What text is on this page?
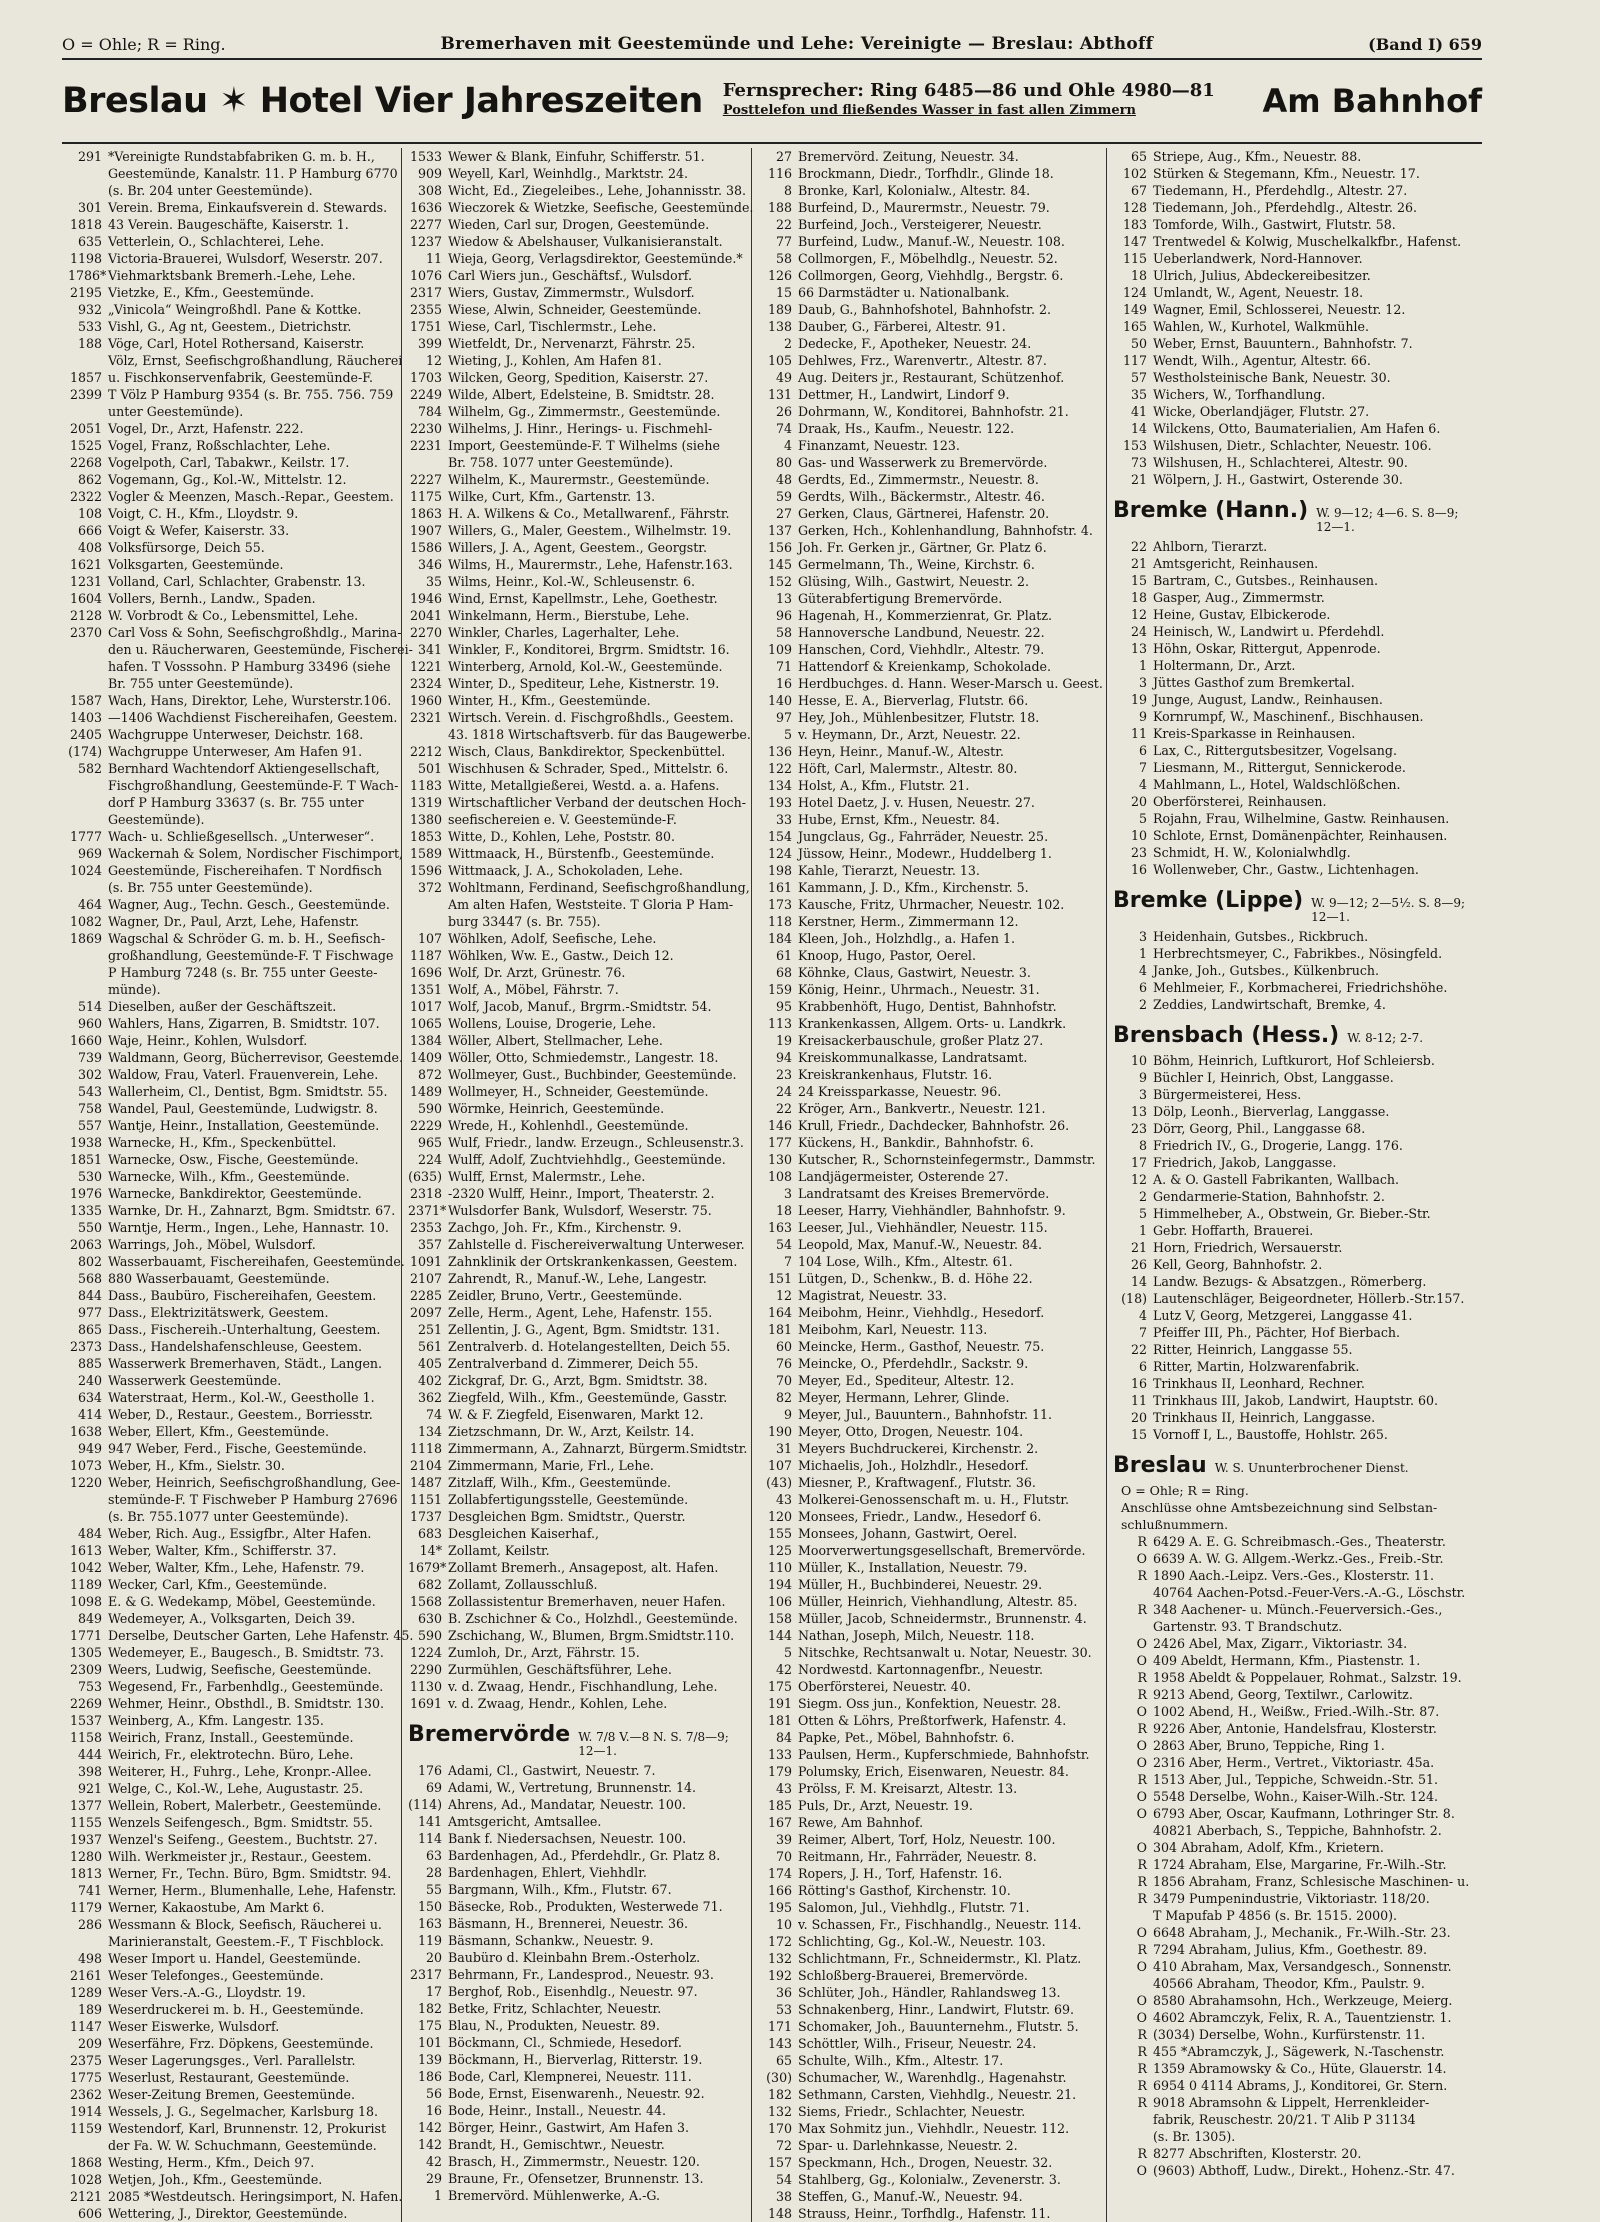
O = Ohle; R = Ring.	Bremerhaven mit Geestemünde und Lehe: Vereinigte — Breslau: Abthoff	(Band I) 659
Breslau ✶ Hotel Vier Jahreszeiten Fernsprecher: Ring 6485—86 und Ohle 4980—81
Posttelefon und fließendes Wasser in fast allen Zimmern	Am Bahnhof
291 *Vereinigte Rundstabfabriken G. m. b. H.,
Geestemünde, Kanalstr. 11. P Hamburg 6770
(s. Br. 204 unter Geestemünde).
301 Verein. Brema, Einkaufsverein d. Stewards.
1818 43 Verein. Baugeschäfte, Kaiserstr. 1.
635 Vetterlein, O., Schlachterei, Lehe.
1198 Victoria-Brauerei, Wulsdorf, Weserstr. 207.
1786* Viehmarktsbank Bremerh.-Lehe, Lehe.
2195 Vietzke, E., Kfm., Geestemünde.
932 „Vinicola“ Weingroßhdl. Pane & Kottke.
533 Vishl, G., Ag nt, Geestem., Dietrichstr.
188 Vöge, Carl, Hotel Rothersand, Kaiserstr.
Völz, Ernst, Seefischgroßhandlung, Räucherei
1857 u. Fischkonservenfabrik, Geestemünde-F.
2399 T Völz P Hamburg 9354 (s. Br. 755. 756. 759
unter Geestemünde).
2051 Vogel, Dr., Arzt, Hafenstr. 222.
1525 Vogel, Franz, Roßschlachter, Lehe.
2268 Vogelpoth, Carl, Tabakwr., Keilstr. 17.
862 Vogemann, Gg., Kol.-W., Mittelstr. 12.
2322 Vogler & Meenzen, Masch.-Repar., Geestem.
108 Voigt, C. H., Kfm., Lloydstr. 9.
666 Voigt & Wefer, Kaiserstr. 33.
408 Volksfürsorge, Deich 55.
1621 Volksgarten, Geestemünde.
1231 Volland, Carl, Schlachter, Grabenstr. 13.
1604 Vollers, Bernh., Landw., Spaden.
2128 W. Vorbrodt & Co., Lebensmittel, Lehe.
2370 Carl Voss & Sohn, Seefischgroßhdlg., Marina-
den u. Räucherwaren, Geestemünde, Fischerei-
hafen. T Vosssohn. P Hamburg 33496 (siehe
Br. 755 unter Geestemünde).
1587 Wach, Hans, Direktor, Lehe, Wursterstr.106.
1403 —1406 Wachdienst Fischereihafen, Geestem.
2405 Wachgruppe Unterweser, Deichstr. 168.
(174) Wachgruppe Unterweser, Am Hafen 91.
582 Bernhard Wachtendorf Aktiengesellschaft,
Fischgroßhandlung, Geestemünde-F. T Wach-
dorf P Hamburg 33637 (s. Br. 755 unter
Geestemünde).
1777 Wach- u. Schließgesellsch. „Unterweser“.
969 Wackernah & Solem, Nordischer Fischimport,
1024 Geestemünde, Fischereihafen. T Nordfisch
(s. Br. 755 unter Geestemünde).
464 Wagner, Aug., Techn. Gesch., Geestemünde.
1082 Wagner, Dr., Paul, Arzt, Lehe, Hafenstr.
1869 Wagschal & Schröder G. m. b. H., Seefisch-
großhandlung, Geestemünde-F. T Fischwage
P Hamburg 7248 (s. Br. 755 unter Geeste-
münde).
514 Dieselben, außer der Geschäftszeit.
960 Wahlers, Hans, Zigarren, B. Smidtstr. 107.
1660 Waje, Heinr., Kohlen, Wulsdorf.
739 Waldmann, Georg, Bücherrevisor, Geestemde.
302 Waldow, Frau, Vaterl. Frauenverein, Lehe.
543 Wallerheim, Cl., Dentist, Bgm. Smidtstr. 55.
758 Wandel, Paul, Geestemünde, Ludwigstr. 8.
557 Wantje, Heinr., Installation, Geestemünde.
1938 Warnecke, H., Kfm., Speckenbüttel.
1851 Warnecke, Osw., Fische, Geestemünde.
530 Warnecke, Wilh., Kfm., Geestemünde.
1976 Warnecke, Bankdirektor, Geestemünde.
1335 Warnke, Dr. H., Zahnarzt, Bgm. Smidtstr. 67.
550 Warntje, Herm., Ingen., Lehe, Hannastr. 10.
2063 Warrings, Joh., Möbel, Wulsdorf.
802 Wasserbauamt, Fischereihafen, Geestemünde.
568 880 Wasserbauamt, Geestemünde.
844 Dass., Baubüro, Fischereihafen, Geestem.
977 Dass., Elektrizitätswerk, Geestem.
865 Dass., Fischereih.-Unterhaltung, Geestem.
2373 Dass., Handelshafenschleuse, Geestem.
885 Wasserwerk Bremerhaven, Städt., Langen.
240 Wasserwerk Geestemünde.
634 Waterstraat, Herm., Kol.-W., Geestholle 1.
414 Weber, D., Restaur., Geestem., Borriesstr.
1638 Weber, Ellert, Kfm., Geestemünde.
949 947 Weber, Ferd., Fische, Geestemünde.
1073 Weber, H., Kfm., Sielstr. 30.
1220 Weber, Heinrich, Seefischgroßhandlung, Gee-
stemünde-F. T Fischweber P Hamburg 27696
(s. Br. 755.1077 unter Geestemünde).
484 Weber, Rich. Aug., Essigfbr., Alter Hafen.
1613 Weber, Walter, Kfm., Schifferstr. 37.
1042 Weber, Walter, Kfm., Lehe, Hafenstr. 79.
1189 Wecker, Carl, Kfm., Geestemünde.
1098 E. & G. Wedekamp, Möbel, Geestemünde.
849 Wedemeyer, A., Volksgarten, Deich 39.
1771 Derselbe, Deutscher Garten, Lehe Hafenstr. 45.
1305 Wedemeyer, E., Baugesch., B. Smidtstr. 73.
2309 Weers, Ludwig, Seefische, Geestemünde.
753 Wegesend, Fr., Farbenhdlg., Geestemünde.
2269 Wehmer, Heinr., Obsthdl., B. Smidtstr. 130.
1537 Weinberg, A., Kfm. Langestr. 135.
1158 Weirich, Franz, Install., Geestemünde.
444 Weirich, Fr., elektrotechn. Büro, Lehe.
398 Weiterer, H., Fuhrg., Lehe, Kronpr.-Allee.
921 Welge, C., Kol.-W., Lehe, Augustastr. 25.
1377 Wellein, Robert, Malerbetr., Geestemünde.
1155 Wenzels Seifengesch., Bgm. Smidtstr. 55.
1937 Wenzel's Seifeng., Geestem., Buchtstr. 27.
1280 Wilh. Werkmeister jr., Restaur., Geestem.
1813 Werner, Fr., Techn. Büro, Bgm. Smidtstr. 94.
741 Werner, Herm., Blumenhalle, Lehe, Hafenstr.
1179 Werner, Kakaostube, Am Markt 6.
286 Wessmann & Block, Seefisch, Räucherei u.
Marinieranstalt, Geestem.-F., T Fischblock.
498 Weser Import u. Handel, Geestemünde.
2161 Weser Telefonges., Geestemünde.
1289 Weser Vers.-A.-G., Lloydstr. 19.
189 Weserdruckerei m. b. H., Geestemünde.
1147 Weser Eiswerke, Wulsdorf.
209 Weserfähre, Frz. Döpkens, Geestemünde.
2375 Weser Lagerungsges., Verl. Parallelstr.
1775 Weserlust, Restaurant, Geestemünde.
2362 Weser-Zeitung Bremen, Geestemünde.
1914 Wessels, J. G., Segelmacher, Karlsburg 18.
1159 Westendorf, Karl, Brunnenstr. 12, Prokurist
der Fa. W. W. Schuchmann, Geestemünde.
1868 Westing, Herm., Kfm., Deich 97.
1028 Wetjen, Joh., Kfm., Geestemünde.
2121 2085 *Westdeutsch. Heringsimport, N. Hafen.
606 Wettering, J., Direktor, Geestemünde.
1533 Wewer & Blank, Einfuhr, Schifferstr. 51.
909 Weyell, Karl, Weinhdlg., Marktstr. 24.
308 Wicht, Ed., Ziegeleibes., Lehe, Johannisstr. 38.
1636 Wieczorek & Wietzke, Seefische, Geestemünde.
2277 Wieden, Carl sur, Drogen, Geestemünde.
1237 Wiedow & Abelshauser, Vulkanisieranstalt.
11 Wieja, Georg, Verlagsdirektor, Geestemünde.*
1076 Carl Wiers jun., Geschäftsf., Wulsdorf.
2317 Wiers, Gustav, Zimmermstr., Wulsdorf.
2355 Wiese, Alwin, Schneider, Geestemünde.
1751 Wiese, Carl, Tischlermstr., Lehe.
399 Wietfeldt, Dr., Nervenarzt, Fährstr. 25.
12 Wieting, J., Kohlen, Am Hafen 81.
1703 Wilcken, Georg, Spedition, Kaiserstr. 27.
2249 Wilde, Albert, Edelsteine, B. Smidtstr. 28.
784 Wilhelm, Gg., Zimmermstr., Geestemünde.
2230 Wilhelms, J. Hinr., Herings- u. Fischmehl-
2231 Import, Geestemünde-F. T Wilhelms (siehe
Br. 758. 1077 unter Geestemünde).
2227 Wilhelm, K., Maurermstr., Geestemünde.
1175 Wilke, Curt, Kfm., Gartenstr. 13.
1863 H. A. Wilkens & Co., Metallwarenf., Fährstr.
1907 Willers, G., Maler, Geestem., Wilhelmstr. 19.
1586 Willers, J. A., Agent, Geestem., Georgstr.
346 Wilms, H., Maurermstr., Lehe, Hafenstr.163.
35 Wilms, Heinr., Kol.-W., Schleusenstr. 6.
1946 Wind, Ernst, Kapellmstr., Lehe, Goethestr.
2041 Winkelmann, Herm., Bierstube, Lehe.
2270 Winkler, Charles, Lagerhalter, Lehe.
341 Winkler, F., Konditorei, Brgrm. Smidtstr. 16.
1221 Winterberg, Arnold, Kol.-W., Geestemünde.
2324 Winter, D., Spediteur, Lehe, Kistnerstr. 19.
1960 Winter, H., Kfm., Geestemünde.
2321 Wirtsch. Verein. d. Fischgroßhdls., Geestem.
43. 1818 Wirtschaftsverb. für das Baugewerbe.
2212 Wisch, Claus, Bankdirektor, Speckenbüttel.
501 Wischhusen & Schrader, Sped., Mittelstr. 6.
1183 Witte, Metallgießerei, Westd. a. a. Hafens.
1319 Wirtschaftlicher Verband der deutschen Hoch-
1380 seefischereien e. V. Geestemünde-F.
1853 Witte, D., Kohlen, Lehe, Poststr. 80.
1589 Wittmaack, H., Bürstenfb., Geestemünde.
1596 Wittmaack, J. A., Schokoladen, Lehe.
372 Wohltmann, Ferdinand, Seefischgroßhandlung,
Am alten Hafen, Weststeite. T Gloria P Ham-
burg 33447 (s. Br. 755).
107 Wöhlken, Adolf, Seefische, Lehe.
1187 Wöhlken, Ww. E., Gastw., Deich 12.
1696 Wolf, Dr. Arzt, Grünestr. 76.
1351 Wolf, A., Möbel, Fährstr. 7.
1017 Wolf, Jacob, Manuf., Brgrm.-Smidtstr. 54.
1065 Wollens, Louise, Drogerie, Lehe.
1384 Wöller, Albert, Stellmacher, Lehe.
1409 Wöller, Otto, Schmiedemstr., Langestr. 18.
872 Wollmeyer, Gust., Buchbinder, Geestemünde.
1489 Wollmeyer, H., Schneider, Geestemünde.
590 Wörmke, Heinrich, Geestemünde.
2229 Wrede, H., Kohlenhdl., Geestemünde.
965 Wulf, Friedr., landw. Erzeugn., Schleusenstr.3.
224 Wulff, Adolf, Zuchtviehhdlg., Geestemünde.
(635) Wulff, Ernst, Malermstr., Lehe.
2318 -2320 Wulff, Heinr., Import, Theaterstr. 2.
2371* Wulsdorfer Bank, Wulsdorf, Weserstr. 75.
2353 Zachgo, Joh. Fr., Kfm., Kirchenstr. 9.
357 Zahlstelle d. Fischereiverwaltung Unterweser.
1091 Zahnklinik der Ortskrankenkassen, Geestem.
2107 Zahrendt, R., Manuf.-W., Lehe, Langestr.
2285 Zeidler, Bruno, Vertr., Geestemünde.
2097 Zelle, Herm., Agent, Lehe, Hafenstr. 155.
251 Zellentin, J. G., Agent, Bgm. Smidtstr. 131.
561 Zentralverb. d. Hotelangestellten, Deich 55.
405 Zentralverband d. Zimmerer, Deich 55.
402 Zickgraf, Dr. G., Arzt, Bgm. Smidtstr. 38.
362 Ziegfeld, Wilh., Kfm., Geestemünde, Gasstr.
74 W. & F. Ziegfeld, Eisenwaren, Markt 12.
134 Zietzschmann, Dr. W., Arzt, Keilstr. 14.
1118 Zimmermann, A., Zahnarzt, Bürgerm.Smidtstr.
2104 Zimmermann, Marie, Frl., Lehe.
1487 Zitzlaff, Wilh., Kfm., Geestemünde.
1151 Zollabfertigungsstelle, Geestemünde.
1737 Desgleichen Bgm. Smidtstr., Querstr.
683 Desgleichen Kaiserhaf.,
14* Zollamt, Keilstr.
1679* Zollamt Bremerh., Ansagepost, alt. Hafen.
682 Zollamt, Zollausschluß.
1568 Zollassistentur Bremerhaven, neuer Hafen.
630 B. Zschichner & Co., Holzhdl., Geestemünde.
590 Zschichang, W., Blumen, Brgm.Smidtstr.110.
1224 Zumloh, Dr., Arzt, Fährstr. 15.
2290 Zurmühlen, Geschäftsführer, Lehe.
1130 v. d. Zwaag, Hendr., Fischhandlung, Lehe.
1691 v. d. Zwaag, Hendr., Kohlen, Lehe.
Bremervörde W. 7/8 V.—8 N. S. 7/8—9; 12—1.
176 Adami, Cl., Gastwirt, Neuestr. 7.
69 Adami, W., Vertretung, Brunnenstr. 14.
(114) Ahrens, Ad., Mandatar, Neuestr. 100.
141 Amtsgericht, Amtsallee.
114 Bank f. Niedersachsen, Neuestr. 100.
63 Bardenhagen, Ad., Pferdehdlr., Gr. Platz 8.
28 Bardenhagen, Ehlert, Viehhdlr.
55 Bargmann, Wilh., Kfm., Flutstr. 67.
150 Bäsecke, Rob., Produkten, Westerwede 71.
163 Bäsmann, H., Brennerei, Neuestr. 36.
119 Bäsmann, Schankw., Neuestr. 9.
20 Baubüro d. Kleinbahn Brem.-Osterholz.
2317 Behrmann, Fr., Landesprod., Neuestr. 93.
17 Berghof, Rob., Eisenhdlg., Neuestr. 97.
182 Betke, Fritz, Schlachter, Neuestr.
175 Blau, N., Produkten, Neuestr. 89.
101 Böckmann, Cl., Schmiede, Hesedorf.
139 Böckmann, H., Bierverlag, Ritterstr. 19.
186 Bode, Carl, Klempnerei, Neuestr. 111.
56 Bode, Ernst, Eisenwarenh., Neuestr. 92.
16 Bode, Heinr., Install., Neuestr. 44.
142 Börger, Heinr., Gastwirt, Am Hafen 3.
142 Brandt, H., Gemischtwr., Neuestr.
42 Brasch, H., Zimmermstr., Neuestr. 120.
29 Braune, Fr., Ofensetzer, Brunnenstr. 13.
1 Bremervörd. Mühlenwerke, A.-G.
27 Bremervörd. Zeitung, Neuestr. 34.
116 Brockmann, Diedr., Torfhdlr., Glinde 18.
8 Bronke, Karl, Kolonialw., Altestr. 84.
188 Burfeind, D., Maurermstr., Neuestr. 79.
22 Burfeind, Joch., Versteigerer, Neuestr.
77 Burfeind, Ludw., Manuf.-W., Neuestr. 108.
58 Collmorgen, F., Möbelhdlg., Neuestr. 52.
126 Collmorgen, Georg, Viehhdlg., Bergstr. 6.
15 66 Darmstädter u. Nationalbank.
189 Daub, G., Bahnhofshotel, Bahnhofstr. 2.
138 Dauber, G., Färberei, Altestr. 91.
2 Dedecke, F., Apotheker, Neuestr. 24.
105 Dehlwes, Frz., Warenvertr., Altestr. 87.
49 Aug. Deiters jr., Restaurant, Schützenhof.
131 Dettmer, H., Landwirt, Lindorf 9.
26 Dohrmann, W., Konditorei, Bahnhofstr. 21.
74 Draak, Hs., Kaufm., Neuestr. 122.
4 Finanzamt, Neuestr. 123.
80 Gas- und Wasserwerk zu Bremervörde.
48 Gerdts, Ed., Zimmermstr., Neuestr. 8.
59 Gerdts, Wilh., Bäckermstr., Altestr. 46.
27 Gerken, Claus, Gärtnerei, Hafenstr. 20.
137 Gerken, Hch., Kohlenhandlung, Bahnhofstr. 4.
156 Joh. Fr. Gerken jr., Gärtner, Gr. Platz 6.
145 Germelmann, Th., Weine, Kirchstr. 6.
152 Glüsing, Wilh., Gastwirt, Neuestr. 2.
13 Güterabfertigung Bremervörde.
96 Hagenah, H., Kommerzienrat, Gr. Platz.
58 Hannoversche Landbund, Neuestr. 22.
109 Hanschen, Cord, Viehhdlr., Altestr. 79.
71 Hattendorf & Kreienkamp, Schokolade.
16 Herdbuchges. d. Hann. Weser-Marsch u. Geest.
140 Hesse, E. A., Bierverlag, Flutstr. 66.
97 Hey, Joh., Mühlenbesitzer, Flutstr. 18.
5 v. Heymann, Dr., Arzt, Neuestr. 22.
136 Heyn, Heinr., Manuf.-W., Altestr.
122 Höft, Carl, Malermstr., Altestr. 80.
134 Holst, A., Kfm., Flutstr. 21.
193 Hotel Daetz, J. v. Husen, Neuestr. 27.
33 Hube, Ernst, Kfm., Neuestr. 84.
154 Jungclaus, Gg., Fahrräder, Neuestr. 25.
124 Jüssow, Heinr., Modewr., Huddelberg 1.
198 Kahle, Tierarzt, Neuestr. 13.
161 Kammann, J. D., Kfm., Kirchenstr. 5.
173 Kausche, Fritz, Uhrmacher, Neuestr. 102.
118 Kerstner, Herm., Zimmermann 12.
184 Kleen, Joh., Holzhdlg., a. Hafen 1.
61 Knoop, Hugo, Pastor, Oerel.
68 Köhnke, Claus, Gastwirt, Neuestr. 3.
159 König, Heinr., Uhrmach., Neuestr. 31.
95 Krabbenhöft, Hugo, Dentist, Bahnhofstr.
113 Krankenkassen, Allgem. Orts- u. Landkrk.
19 Kreisackerbauschule, großer Platz 27.
94 Kreiskommunalkasse, Landratsamt.
23 Kreiskrankenhaus, Flutstr. 16.
24 24 Kreissparkasse, Neuestr. 96.
22 Kröger, Arn., Bankvertr., Neuestr. 121.
146 Krull, Friedr., Dachdecker, Bahnhofstr. 26.
177 Kückens, H., Bankdir., Bahnhofstr. 6.
130 Kutscher, R., Schornsteinfegermstr., Dammstr.
108 Landjägermeister, Osterende 27.
3 Landratsamt des Kreises Bremervörde.
18 Leeser, Harry, Viehhändler, Bahnhofstr. 9.
163 Leeser, Jul., Viehhändler, Neuestr. 115.
54 Leopold, Max, Manuf.-W., Neuestr. 84.
7 104 Lose, Wilh., Kfm., Altestr. 61.
151 Lütgen, D., Schenkw., B. d. Höhe 22.
12 Magistrat, Neuestr. 33.
164 Meibohm, Heinr., Viehhdlg., Hesedorf.
181 Meibohm, Karl, Neuestr. 113.
60 Meincke, Herm., Gasthof, Neuestr. 75.
76 Meincke, O., Pferdehdlr., Sackstr. 9.
70 Meyer, Ed., Spediteur, Altestr. 12.
82 Meyer, Hermann, Lehrer, Glinde.
9 Meyer, Jul., Bauuntern., Bahnhofstr. 11.
190 Meyer, Otto, Drogen, Neuestr. 104.
31 Meyers Buchdruckerei, Kirchenstr. 2.
107 Michaelis, Joh., Holzhdlr., Hesedorf.
(43) Miesner, P., Kraftwagenf., Flutstr. 36.
43 Molkerei-Genossenschaft m. u. H., Flutstr.
120 Monsees, Friedr., Landw., Hesedorf 6.
155 Monsees, Johann, Gastwirt, Oerel.
125 Moorverwertungsgesellschaft, Bremervörde.
110 Müller, K., Installation, Neuestr. 79.
194 Müller, H., Buchbinderei, Neuestr. 29.
106 Müller, Heinrich, Viehhandlung, Altestr. 85.
158 Müller, Jacob, Schneidermstr., Brunnenstr. 4.
144 Nathan, Joseph, Milch, Neuestr. 118.
5 Nitschke, Rechtsanwalt u. Notar, Neuestr. 30.
42 Nordwestd. Kartonnagenfbr., Neuestr.
175 Oberförsterei, Neuestr. 40.
191 Siegm. Oss jun., Konfektion, Neuestr. 28.
181 Otten & Löhrs, Preßtorfwerk, Hafenstr. 4.
84 Papke, Pet., Möbel, Bahnhofstr. 6.
133 Paulsen, Herm., Kupferschmiede, Bahnhofstr.
179 Polumsky, Erich, Eisenwaren, Neuestr. 84.
43 Prölss, F. M. Kreisarzt, Altestr. 13.
185 Puls, Dr., Arzt, Neuestr. 19.
167 Rewe, Am Bahnhof.
39 Reimer, Albert, Torf, Holz, Neuestr. 100.
70 Reitmann, Hr., Fahrräder, Neuestr. 8.
174 Ropers, J. H., Torf, Hafenstr. 16.
166 Rötting's Gasthof, Kirchenstr. 10.
195 Salomon, Jul., Viehhdlg., Flutstr. 71.
10 v. Schassen, Fr., Fischhandlg., Neuestr. 114.
172 Schlichting, Gg., Kol.-W., Neuestr. 103.
132 Schlichtmann, Fr., Schneidermstr., Kl. Platz.
192 Schloßberg-Brauerei, Bremervörde.
36 Schlüter, Joh., Händler, Rahlandsweg 13.
53 Schnakenberg, Hinr., Landwirt, Flutstr. 69.
171 Schomaker, Joh., Bauunternehm., Flutstr. 5.
143 Schöttler, Wilh., Friseur, Neuestr. 24.
65 Schulte, Wilh., Kfm., Altestr. 17.
(30) Schumacher, W., Warenhdlg., Hagenahstr.
182 Sethmann, Carsten, Viehhdlg., Neuestr. 21.
132 Siems, Friedr., Schlachter, Neuestr.
170 Max Sohmitz jun., Viehhdlr., Neuestr. 112.
72 Spar- u. Darlehnkasse, Neuestr. 2.
157 Speckmann, Hch., Drogen, Neuestr. 32.
54 Stahlberg, Gg., Kolonialw., Zevenerstr. 3.
38 Steffen, G., Manuf.-W., Neuestr. 94.
148 Strauss, Heinr., Torfhdlg., Hafenstr. 11.
65 Striepe, Aug., Kfm., Neuestr. 88.
102 Stürken & Stegemann, Kfm., Neuestr. 17.
67 Tiedemann, H., Pferdehdlg., Altestr. 27.
128 Tiedemann, Joh., Pferdehdlg., Altestr. 26.
183 Tomforde, Wilh., Gastwirt, Flutstr. 58.
147 Trentwedel & Kolwig, Muschelkalkfbr., Hafenst.
115 Ueberlandwerk, Nord-Hannover.
18 Ulrich, Julius, Abdeckereibesitzer.
124 Umlandt, W., Agent, Neuestr. 18.
149 Wagner, Emil, Schlosserei, Neuestr. 12.
165 Wahlen, W., Kurhotel, Walkmühle.
50 Weber, Ernst, Bauuntern., Bahnhofstr. 7.
117 Wendt, Wilh., Agentur, Altestr. 66.
57 Westholsteinische Bank, Neuestr. 30.
35 Wichers, W., Torfhandlung.
41 Wicke, Oberlandjäger, Flutstr. 27.
14 Wilckens, Otto, Baumaterialien, Am Hafen 6.
153 Wilshusen, Dietr., Schlachter, Neuestr. 106.
73 Wilshusen, H., Schlachterei, Altestr. 90.
21 Wölpern, J. H., Gastwirt, Osterende 30.
Bremke (Hann.) W. 9—12; 4—6. S. 8—9; 12—1.
22 Ahlborn, Tierarzt.
21 Amtsgericht, Reinhausen.
15 Bartram, C., Gutsbes., Reinhausen.
18 Gasper, Aug., Zimmermstr.
12 Heine, Gustav, Elbickerode.
24 Heinisch, W., Landwirt u. Pferdehdl.
13 Höhn, Oskar, Rittergut, Appenrode.
1 Holtermann, Dr., Arzt.
3 Jüttes Gasthof zum Bremkertal.
19 Junge, August, Landw., Reinhausen.
9 Kornrumpf, W., Maschinenf., Bischhausen.
11 Kreis-Sparkasse in Reinhausen.
6 Lax, C., Rittergutsbesitzer, Vogelsang.
7 Liesmann, M., Rittergut, Sennickerode.
4 Mahlmann, L., Hotel, Waldschlößchen.
20 Oberförsterei, Reinhausen.
5 Rojahn, Frau, Wilhelmine, Gastw. Reinhausen.
10 Schlote, Ernst, Domänenpächter, Reinhausen.
23 Schmidt, H. W., Kolonialwhdlg.
16 Wollenweber, Chr., Gastw., Lichtenhagen.
Bremke (Lippe) W. 9—12; 2—5½. S. 8—9; 12—1.
3 Heidenhain, Gutsbes., Rickbruch.
1 Herbrechtsmeyer, C., Fabrikbes., Nösingfeld.
4 Janke, Joh., Gutsbes., Külkenbruch.
6 Mehlmeier, F., Korbmacherei, Friedrichshöhe.
2 Zeddies, Landwirtschaft, Bremke, 4.
Brensbach (Hess.) W. 8-12; 2-7.
10 Böhm, Heinrich, Luftkurort, Hof Schleiersb.
9 Büchler I, Heinrich, Obst, Langgasse.
3 Bürgermeisterei, Hess.
13 Dölp, Leonh., Bierverlag, Langgasse.
23 Dörr, Georg, Phil., Langgasse 68.
8 Friedrich IV., G., Drogerie, Langg. 176.
17 Friedrich, Jakob, Langgasse.
12 A. & O. Gastell Fabrikanten, Wallbach.
2 Gendarmerie-Station, Bahnhofstr. 2.
5 Himmelheber, A., Obstwein, Gr. Bieber.-Str.
1 Gebr. Hoffarth, Brauerei.
21 Horn, Friedrich, Wersauerstr.
26 Kell, Georg, Bahnhofstr. 2.
14 Landw. Bezugs- & Absatzgen., Römerberg.
(18) Lautenschläger, Beigeordneter, Höllerb.-Str.157.
4 Lutz V, Georg, Metzgerei, Langgasse 41.
7 Pfeiffer III, Ph., Pächter, Hof Bierbach.
22 Ritter, Heinrich, Langgasse 55.
6 Ritter, Martin, Holzwarenfabrik.
16 Trinkhaus II, Leonhard, Rechner.
11 Trinkhaus III, Jakob, Landwirt, Hauptstr. 60.
20 Trinkhaus II, Heinrich, Langgasse.
15 Vornoff I, L., Baustoffe, Hohlstr. 265.
Breslau W. S. Ununterbrochener Dienst.
O = Ohle; R = Ring.
Anschlüsse ohne Amtsbezeichnung sind Selbstan-schlußnummern.
R 6429 A. E. G. Schreibmasch.-Ges., Theaterstr.
O 6639 A. W. G. Allgem.-Werkz.-Ges., Freib.-Str.
R 1890 Aach.-Leipz. Vers.-Ges., Klosterstr. 11.
40764 Aachen-Potsd.-Feuer-Vers.-A.-G., Löschstr.
R 348 Aachener- u. Münch.-Feuerversich.-Ges.,
Gartenstr. 93. T Brandschutz.
O 2426 Abel, Max, Zigarr., Viktoriastr. 34.
O 409 Abeldt, Hermann, Kfm., Piastenstr. 1.
R 1958 Abeldt & Poppelauer, Rohmat., Salzstr. 19.
R 9213 Abend, Georg, Textilwr., Carlowitz.
O 1002 Abend, H., Weißw., Fried.-Wilh.-Str. 87.
R 9226 Aber, Antonie, Handelsfrau, Klosterstr.
O 2863 Aber, Bruno, Teppiche, Ring 1.
O 2316 Aber, Herm., Vertret., Viktoriastr. 45a.
R 1513 Aber, Jul., Teppiche, Schweidn.-Str. 51.
O 5548 Derselbe, Wohn., Kaiser-Wilh.-Str. 124.
O 6793 Aber, Oscar, Kaufmann, Lothringer Str. 8.
40821 Aberbach, S., Teppiche, Bahnhofstr. 2.
O 304 Abraham, Adolf, Kfm., Krietern.
R 1724 Abraham, Else, Margarine, Fr.-Wilh.-Str.
R 1856 Abraham, Franz, Schlesische Maschinen- u.
R 3479 Pumpenindustrie, Viktoriastr. 118/20.
T Mapufab P 4856 (s. Br. 1515. 2000).
O 6648 Abraham, J., Mechanik., Fr.-Wilh.-Str. 23.
R 7294 Abraham, Julius, Kfm., Goethestr. 89.
O 410 Abraham, Max, Versandgesch., Sonnenstr.
40566 Abraham, Theodor, Kfm., Paulstr. 9.
O 8580 Abrahamsohn, Hch., Werkzeuge, Meierg.
O 4602 Abramczyk, Felix, R. A., Tauentzienstr. 1.
R (3034) Derselbe, Wohn., Kurfürstenstr. 11.
R 455 *Abramczyk, J., Sägewerk, N.-Taschenstr.
R 1359 Abramowsky & Co., Hüte, Glauerstr. 14.
R 6954 0 4114 Abrams, J., Konditorei, Gr. Stern.
R 9018 Abramsohn & Lippelt, Herrenkleider-
fabrik, Reuschestr. 20/21. T Alib P 31134
(s. Br. 1305).
R 8277 Abschriften, Klosterstr. 20.
O (9603) Abthoff, Ludw., Direkt., Hohenz.-Str. 47.
